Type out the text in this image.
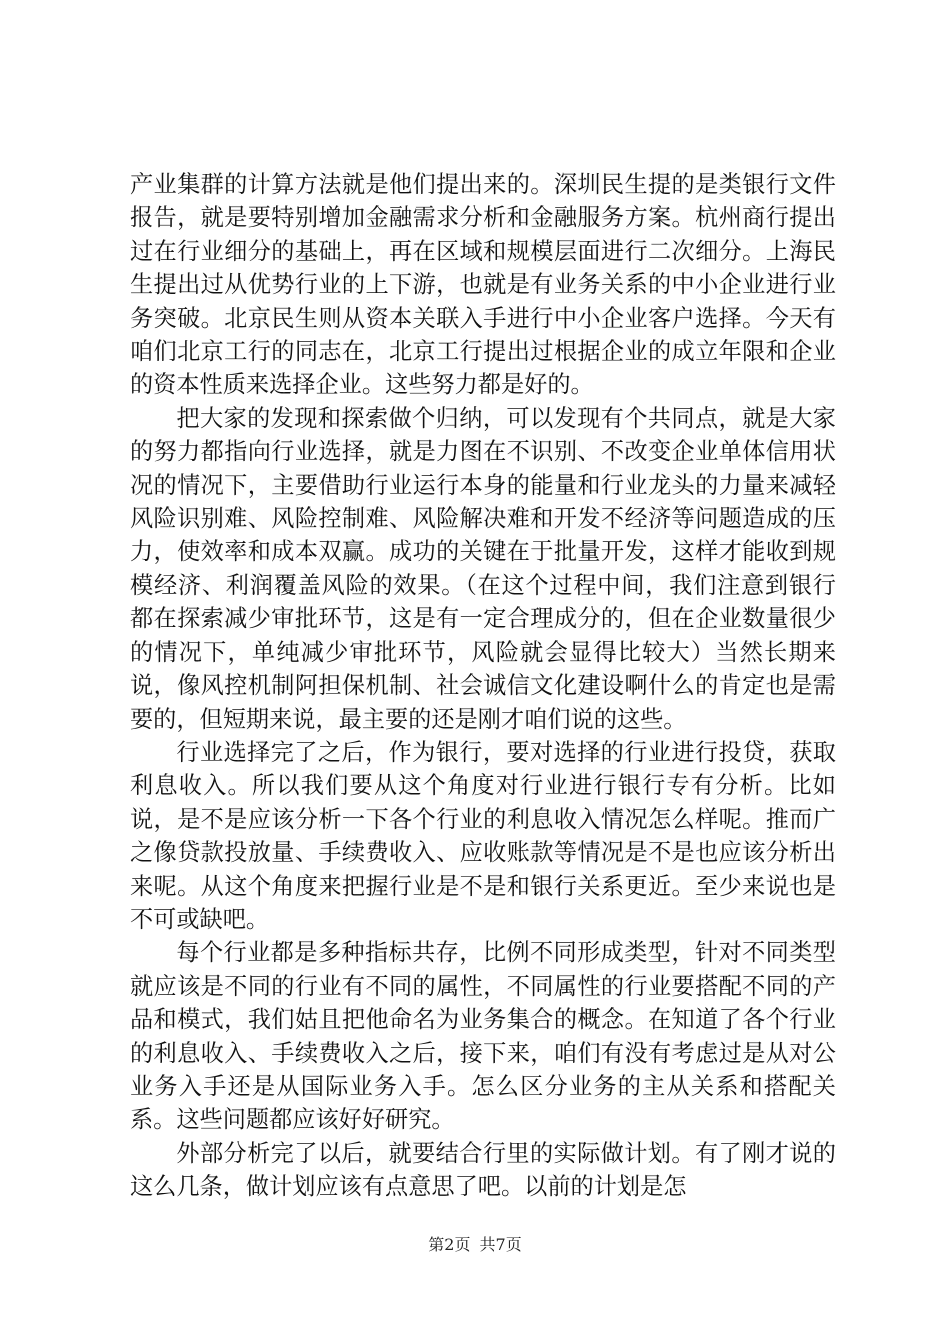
产业集群的计算方法就是他们提出来的。深圳民生提的是类银行文件报告，就是要特别增加金融需求分析和金融服务方案。杭州商行提出过在行业细分的基础上，再在区域和规模层面进行二次细分。上海民生提出过从优势行业的上下游，也就是有业务关系的中小企业进行业务突破。北京民生则从资本关联入手进行中小企业客户选择。今天有咱们北京工行的同志在，北京工行提出过根据企业的成立年限和企业的资本性质来选择企业。这些努力都是好的。

把大家的发现和探索做个归纳，可以发现有个共同点，就是大家的努力都指向行业选择，就是力图在不识别、不改变企业单体信用状况的情况下，主要借助行业运行本身的能量和行业龙头的力量来减轻风险识别难、风险控制难、风险解决难和开发不经济等问题造成的压力，使效率和成本双赢。成功的关键在于批量开发，这样才能收到规模经济、利润覆盖风险的效果。（在这个过程中间，我们注意到银行都在探索减少审批环节，这是有一定合理成分的，但在企业数量很少的情况下，单纯减少审批环节，风险就会显得比较大）当然长期来说，像风控机制阿担保机制、社会诚信文化建设啊什么的肯定也是需要的，但短期来说，最主要的还是刚才咱们说的这些。

行业选择完了之后，作为银行，要对选择的行业进行投贷，获取利息收入。所以我们要从这个角度对行业进行银行专有分析。比如说，是不是应该分析一下各个行业的利息收入情况怎么样呢。推而广之像贷款投放量、手续费收入、应收账款等情况是不是也应该分析出来呢。从这个角度来把握行业是不是和银行关系更近。至少来说也是不可或缺吧。

每个行业都是多种指标共存，比例不同形成类型，针对不同类型就应该是不同的行业有不同的属性，不同属性的行业要搭配不同的产品和模式，我们姑且把他命名为业务集合的概念。在知道了各个行业的利息收入、手续费收入之后，接下来，咱们有没有考虑过是从对公业务入手还是从国际业务入手。怎么区分业务的主从关系和搭配关系。这些问题都应该好好研究。

外部分析完了以后，就要结合行里的实际做计划。有了刚才说的这么几条，做计划应该有点意思了吧。以前的计划是怎

第2页 共7页
